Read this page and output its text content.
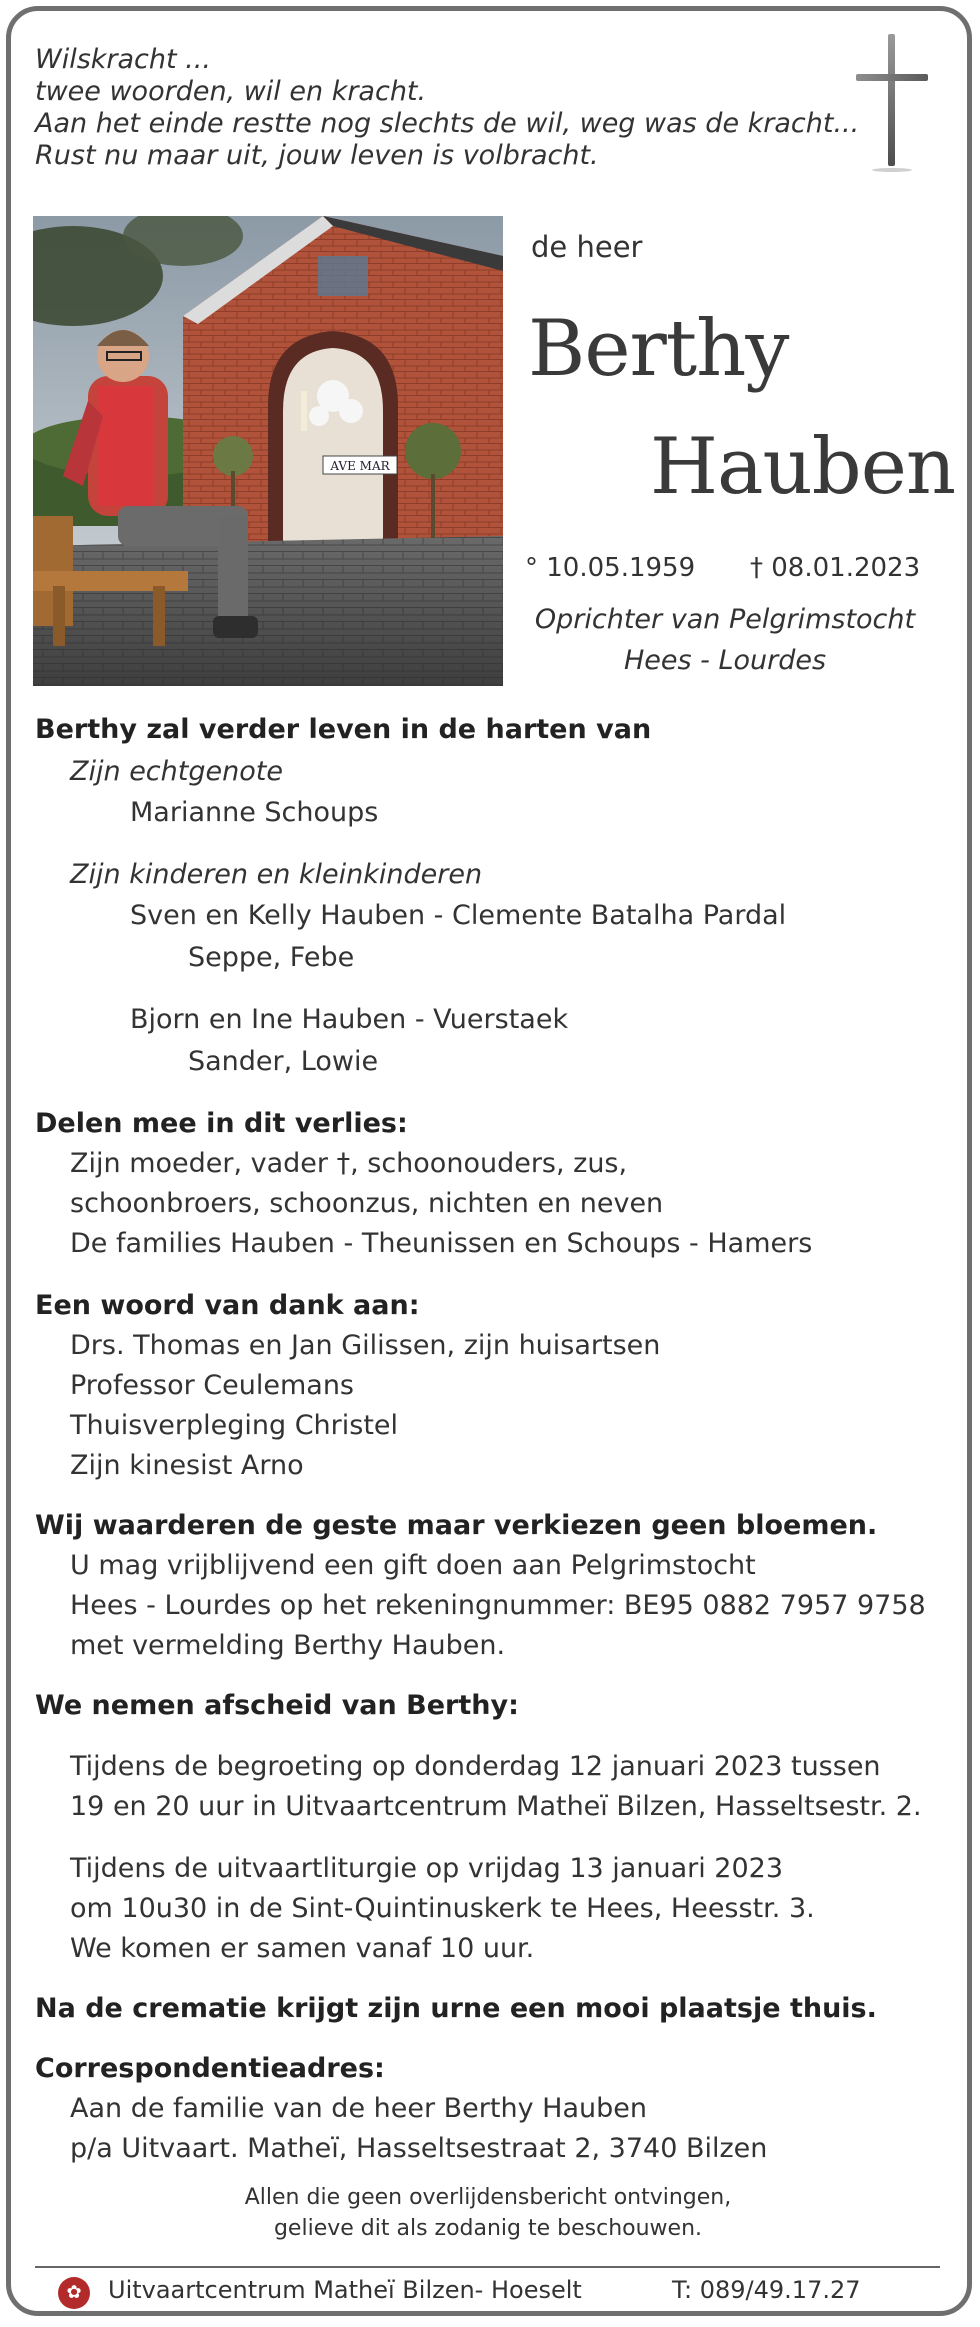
Wilskracht ...
twee woorden, wil en kracht.
Aan het einde restte nog slechts de wil, weg was de kracht...
Rust nu maar uit, jouw leven is volbracht.
AVE MAR
de heer
Berthy
Hauben
° 10.05.1959 † 08.01.2023
Oprichter van Pelgrimstocht
Hees - Lourdes
Berthy zal verder leven in de harten van
Zijn echtgenote
Marianne Schoups
Zijn kinderen en kleinkinderen
Sven en Kelly Hauben - Clemente Batalha Pardal
Seppe, Febe
Bjorn en Ine Hauben - Vuerstaek
Sander, Lowie
Delen mee in dit verlies:
Zijn moeder, vader †, schoonouders, zus,
schoonbroers, schoonzus, nichten en neven
De families Hauben - Theunissen en Schoups - Hamers
Een woord van dank aan:
Drs. Thomas en Jan Gilissen, zijn huisartsen
Professor Ceulemans
Thuisverpleging Christel
Zijn kinesist Arno
Wij waarderen de geste maar verkiezen geen bloemen.
U mag vrijblijvend een gift doen aan Pelgrimstocht
Hees - Lourdes op het rekeningnummer: BE95 0882 7957 9758
met vermelding Berthy Hauben.
We nemen afscheid van Berthy:
Tijdens de begroeting op donderdag 12 januari 2023 tussen
19 en 20 uur in Uitvaartcentrum Matheï Bilzen, Hasseltsestr. 2.
Tijdens de uitvaartliturgie op vrijdag 13 januari 2023
om 10u30 in de Sint-Quintinuskerk te Hees, Heesstr. 3.
We komen er samen vanaf 10 uur.
Na de crematie krijgt zijn urne een mooi plaatsje thuis.
Correspondentieadres:
Aan de familie van de heer Berthy Hauben
p/a Uitvaart. Matheï, Hasseltsestraat 2, 3740 Bilzen
Allen die geen overlijdensbericht ontvingen,
gelieve dit als zodanig te beschouwen.
✿	Uitvaartcentrum Matheï Bilzen- Hoeselt	T: 089/49.17.27
